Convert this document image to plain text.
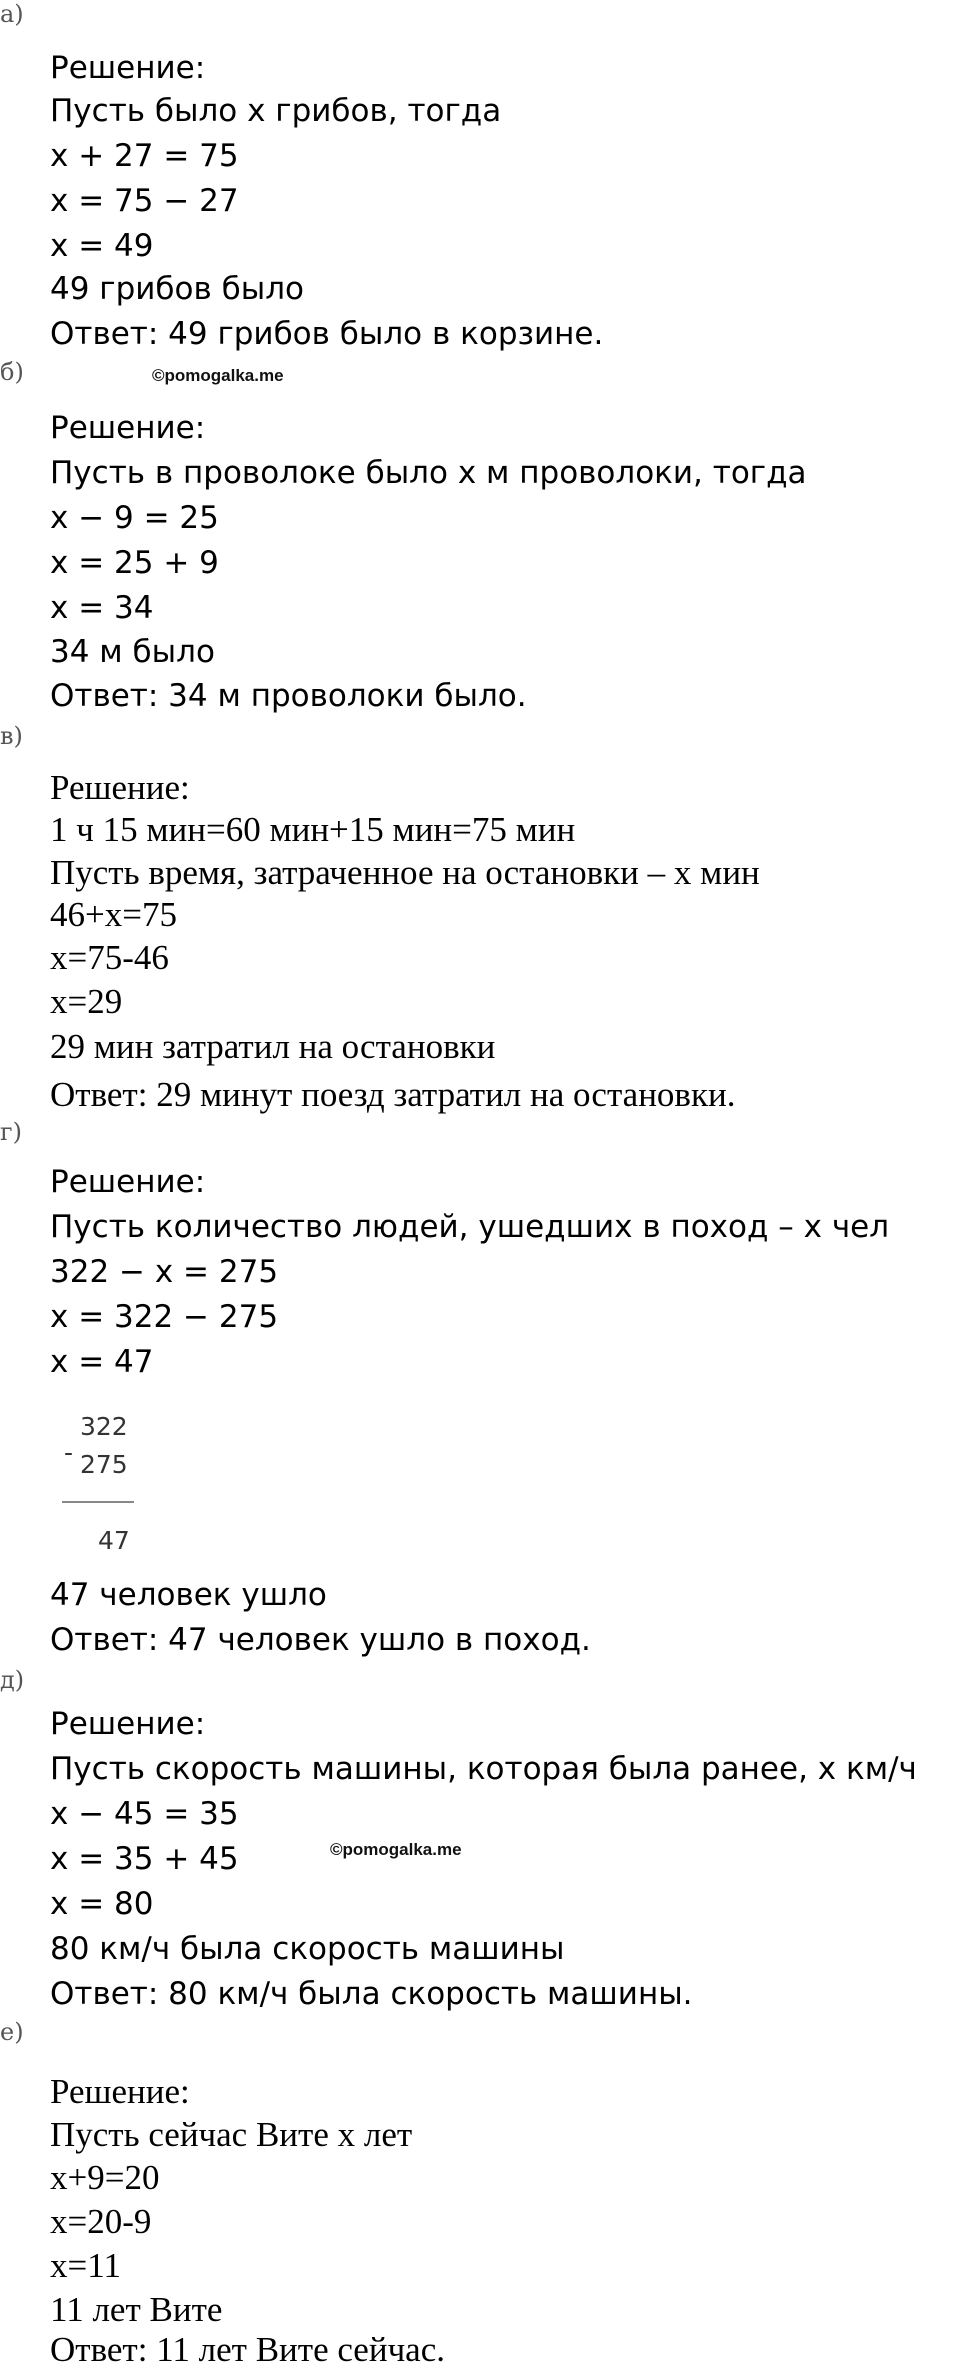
а)
Решение:
Пусть было x грибов, тогда
x + 27 = 75
x = 75 − 27
x = 49
49 грибов было
Ответ: 49 грибов было в корзине.
©pomogalka.me
б)
Решение:
Пусть в проволоке было x м проволоки, тогда
x − 9 = 25
x = 25 + 9
x = 34
34 м было
Ответ: 34 м проволоки было.
в)
Решение:
1 ч 15 мин=60 мин+15 мин=75 мин
Пусть время, затраченное на остановки – x мин
46+x=75
x=75-46
x=29
29 мин затратил на остановки
Ответ: 29 минут поезд затратил на остановки.
г)
Решение:
Пусть количество людей, ушедших в поход – x чел
322 − x = 275
x = 322 − 275
x = 47
-
322
275
47
47 человек ушло
Ответ: 47 человек ушло в поход.
д)
Решение:
Пусть скорость машины, которая была ранее, x км/ч
x − 45 = 35
x = 35 + 45
x = 80
80 км/ч была скорость машины
Ответ: 80 км/ч была скорость машины.
©pomogalka.me
е)
Решение:
Пусть сейчас Вите x лет
x+9=20
x=20-9
x=11
11 лет Вите
Ответ: 11 лет Вите сейчас.
